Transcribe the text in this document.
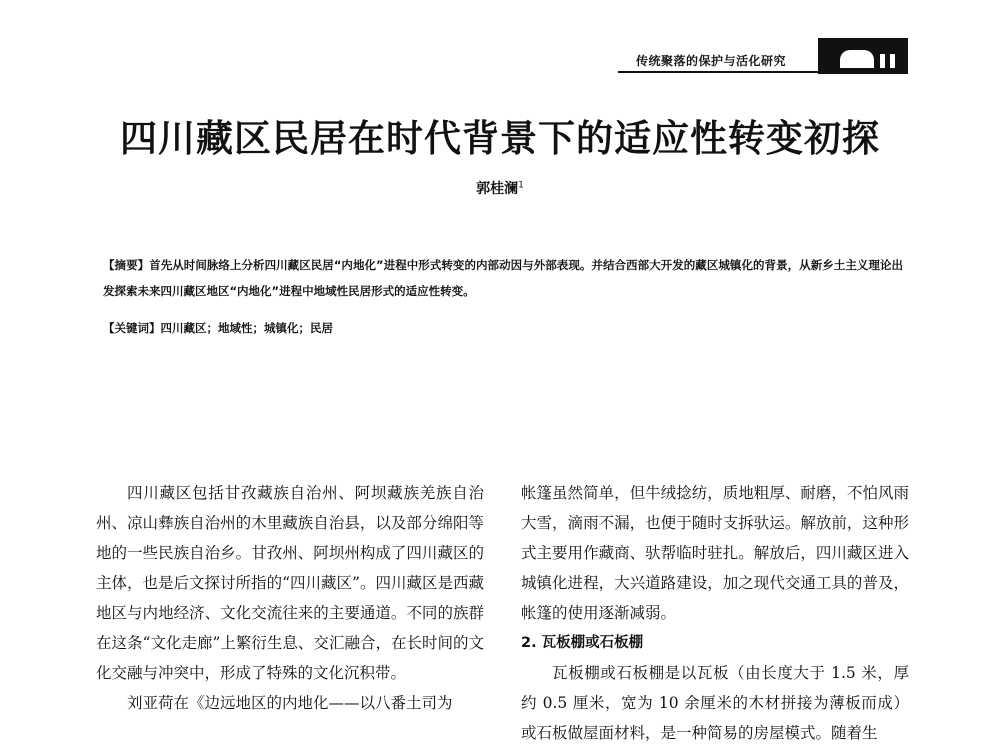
传统聚落的保护与活化研究
四川藏区民居在时代背景下的适应性转变初探
郭桂澜$^1$
【摘要】首先从时间脉络上分析四川藏区民居“内地化”进程中形式转变的内部动因与外部表现。并结合西部大开发的藏区城镇化的背景，从新乡土主义理论出发探索未来四川藏区地区“内地化”进程中地域性民居形式的适应性转变。
【关键词】四川藏区；地域性；城镇化；民居

四川藏区包括甘孜藏族自治州、阿坝藏族羌族自治州、凉山彝族自治州的木里藏族自治县，以及部分绵阳等地的一些民族自治乡。甘孜州、阿坝州构成了四川藏区的主体，也是后文探讨所指的“四川藏区”。四川藏区是西藏地区与内地经济、文化交流往来的主要通道。不同的族群在这条“文化走廊”上繁衍生息、交汇融合，在长时间的文化交融与冲突中，形成了特殊的文化沉积带。

刘亚荷在《边远地区的内地化——以八番土司为

帐篷虽然简单，但牛绒捻纺，质地粗厚、耐磨，不怕风雨大雪，滴雨不漏，也便于随时支拆驮运。解放前，这种形式主要用作藏商、驮帮临时驻扎。解放后，四川藏区进入城镇化进程，大兴道路建设，加之现代交通工具的普及，帐篷的使用逐渐减弱。

2. 瓦板棚或石板棚

瓦板棚或石板棚是以瓦板（由长度大于 1.5 米，厚约 0.5 厘米，宽为 10 余厘米的木材拼接为薄板而成）或石板做屋面材料，是一种简易的房屋模式。随着生
